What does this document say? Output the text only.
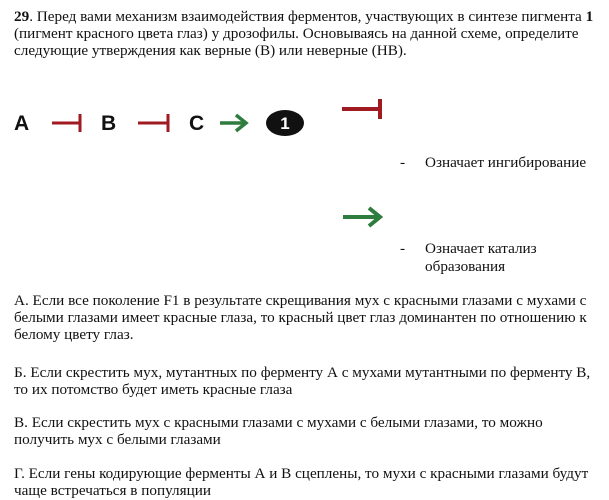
29. Перед вами механизм взаимодействия ферментов, участвующих в синтезе пигмента 1 (пигмент красного цвета глаз) у дрозофилы. Основываясь на данной схеме, определите следующие утверждения как верные (В) или неверные (НВ).
A	B	C	1
- Означает ингибирование
- Означает катализ
образования
А. Если все поколение F1 в результате скрещивания мух с красными глазами с мухами с белыми глазами имеет красные глаза, то красный цвет глаз доминантен по отношению к белому цвету глаз.
Б. Если скрестить мух, мутантных по ферменту А с мухами мутантными по ферменту В, то их потомство будет иметь красные глаза
В. Если скрестить мух с красными глазами с мухами с белыми глазами, то можно получить мух с белыми глазами
Г. Если гены кодирующие ферменты А и В сцеплены, то мухи с красными глазами будут чаще встречаться в популяции
